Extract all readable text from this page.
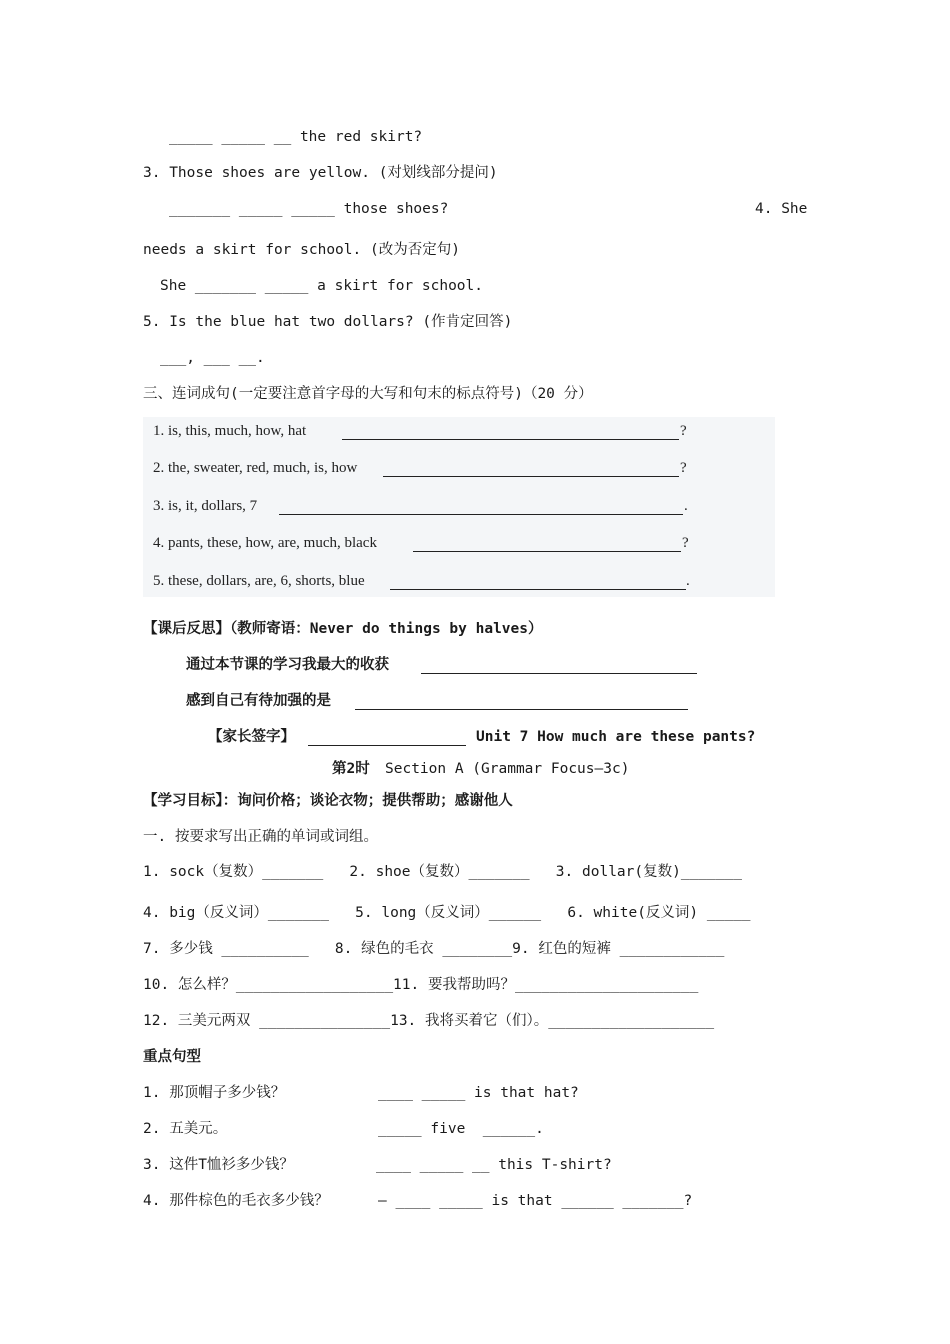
_____ _____ __ the red skirt?
3. Those shoes are yellow. (对划线部分提问)
_______ _____ _____ those shoes?	4. She
needs a skirt for school. (改为否定句)
She _______ _____ a skirt for school.
5. Is the blue hat two dollars? (作肯定回答)
___, ___ __.
三、连词成句(一定要注意首字母的大写和句末的标点符号)（20 分）
1. is, this, much, how, hat	?
2. the, sweater, red, much, is, how	?
3. is, it, dollars, 7	.
4. pants, these, how, are, much, black	?
5. these, dollars, are, 6, shorts, blue	.
【课后反思】（教师寄语：Never do things by halves）
通过本节课的学习我最大的收获
感到自己有待加强的是
【家长签字】	Unit 7 How much are these pants?
第2时 Section A (Grammar Focus—3c)
【学习目标】：询问价格；谈论衣物；提供帮助；感谢他人
一. 按要求写出正确的单词或词组。
1. sock（复数）_______   2. shoe（复数）_______   3. dollar(复数)_______
4. big（反义词）_______   5. long（反义词）______   6. white(反义词) _____
7. 多少钱 __________   8. 绿色的毛衣 ________9. 红色的短裤 ____________
10. 怎么样？__________________11. 要我帮助吗？_____________________
12. 三美元两双 _______________13. 我将买着它（们）。___________________
重点句型
1. 那顶帽子多少钱？	____ _____ is that hat?
2. 五美元。	_____ five  ______.
3. 这件T恤衫多少钱？	____ _____ __ this T-shirt?
4. 那件棕色的毛衣多少钱？	— ____ _____ is that ______ _______?
